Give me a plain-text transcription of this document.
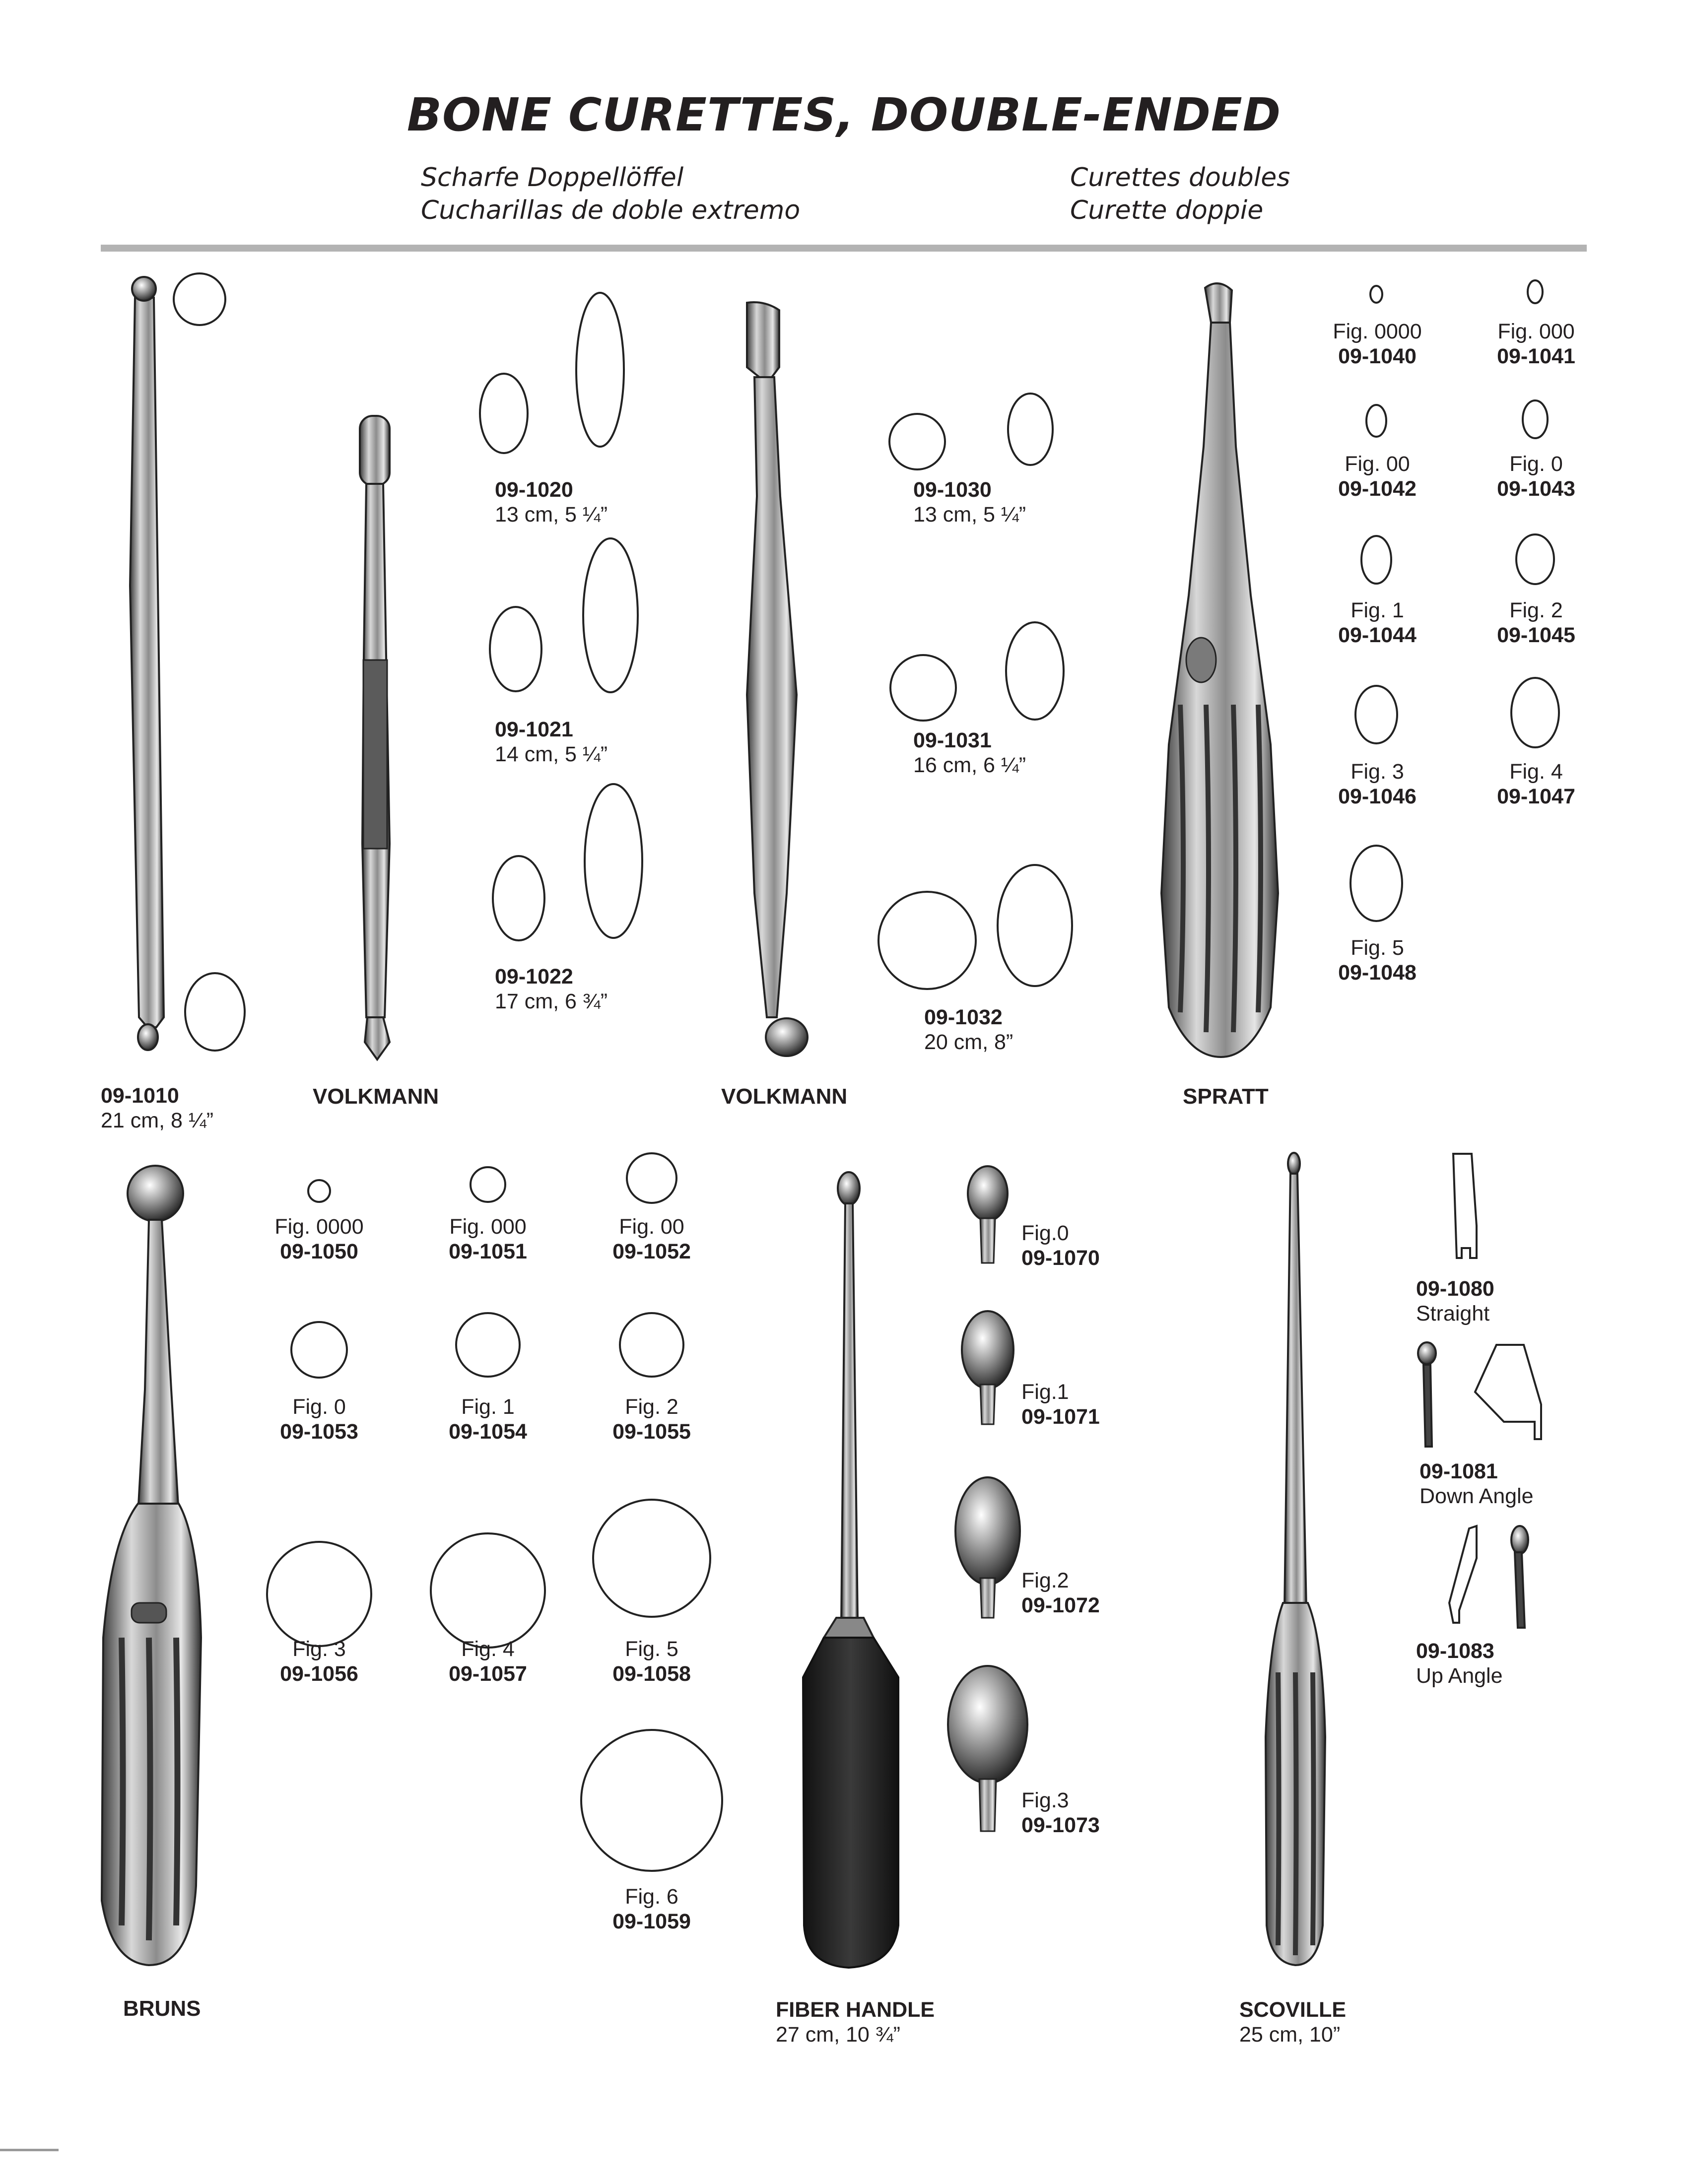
BONE CURETTES, DOUBLE-ENDED
Scharfe Doppellöffel
Cucharillas de doble extremo
Curettes doubles
Curette doppie
09-1010
21 cm, 8 ¼”
VOLKMANN	VOLKMANN	SPRATT
09-1020
13 cm, 5 ¼”
09-1021
14 cm, 5 ¼”
09-1022
17 cm, 6 ¾”
09-1030
13 cm, 5 ¼”
09-1031
16 cm, 6 ¼”
09-1032
20 cm, 8”
Fig. 0000
09-1040
Fig. 000
09-1041
Fig. 00
09-1042
Fig. 0
09-1043
Fig. 1
09-1044
Fig. 2
09-1045
Fig. 3
09-1046
Fig. 4
09-1047
Fig. 5
09-1048
BRUNS
Fig. 0000
09-1050
Fig. 000
09-1051
Fig. 00
09-1052
Fig. 0
09-1053
Fig. 1
09-1054
Fig. 2
09-1055
Fig. 3
09-1056
Fig. 4
09-1057
Fig. 5
09-1058
Fig. 6
09-1059
Fig.0
09-1070
Fig.1
09-1071
Fig.2
09-1072
Fig.3
09-1073
FIBER HANDLE
27 cm, 10 ¾”
SCOVILLE
25 cm, 10”
09-1080
Straight
09-1081
Down Angle
09-1083
Up Angle
